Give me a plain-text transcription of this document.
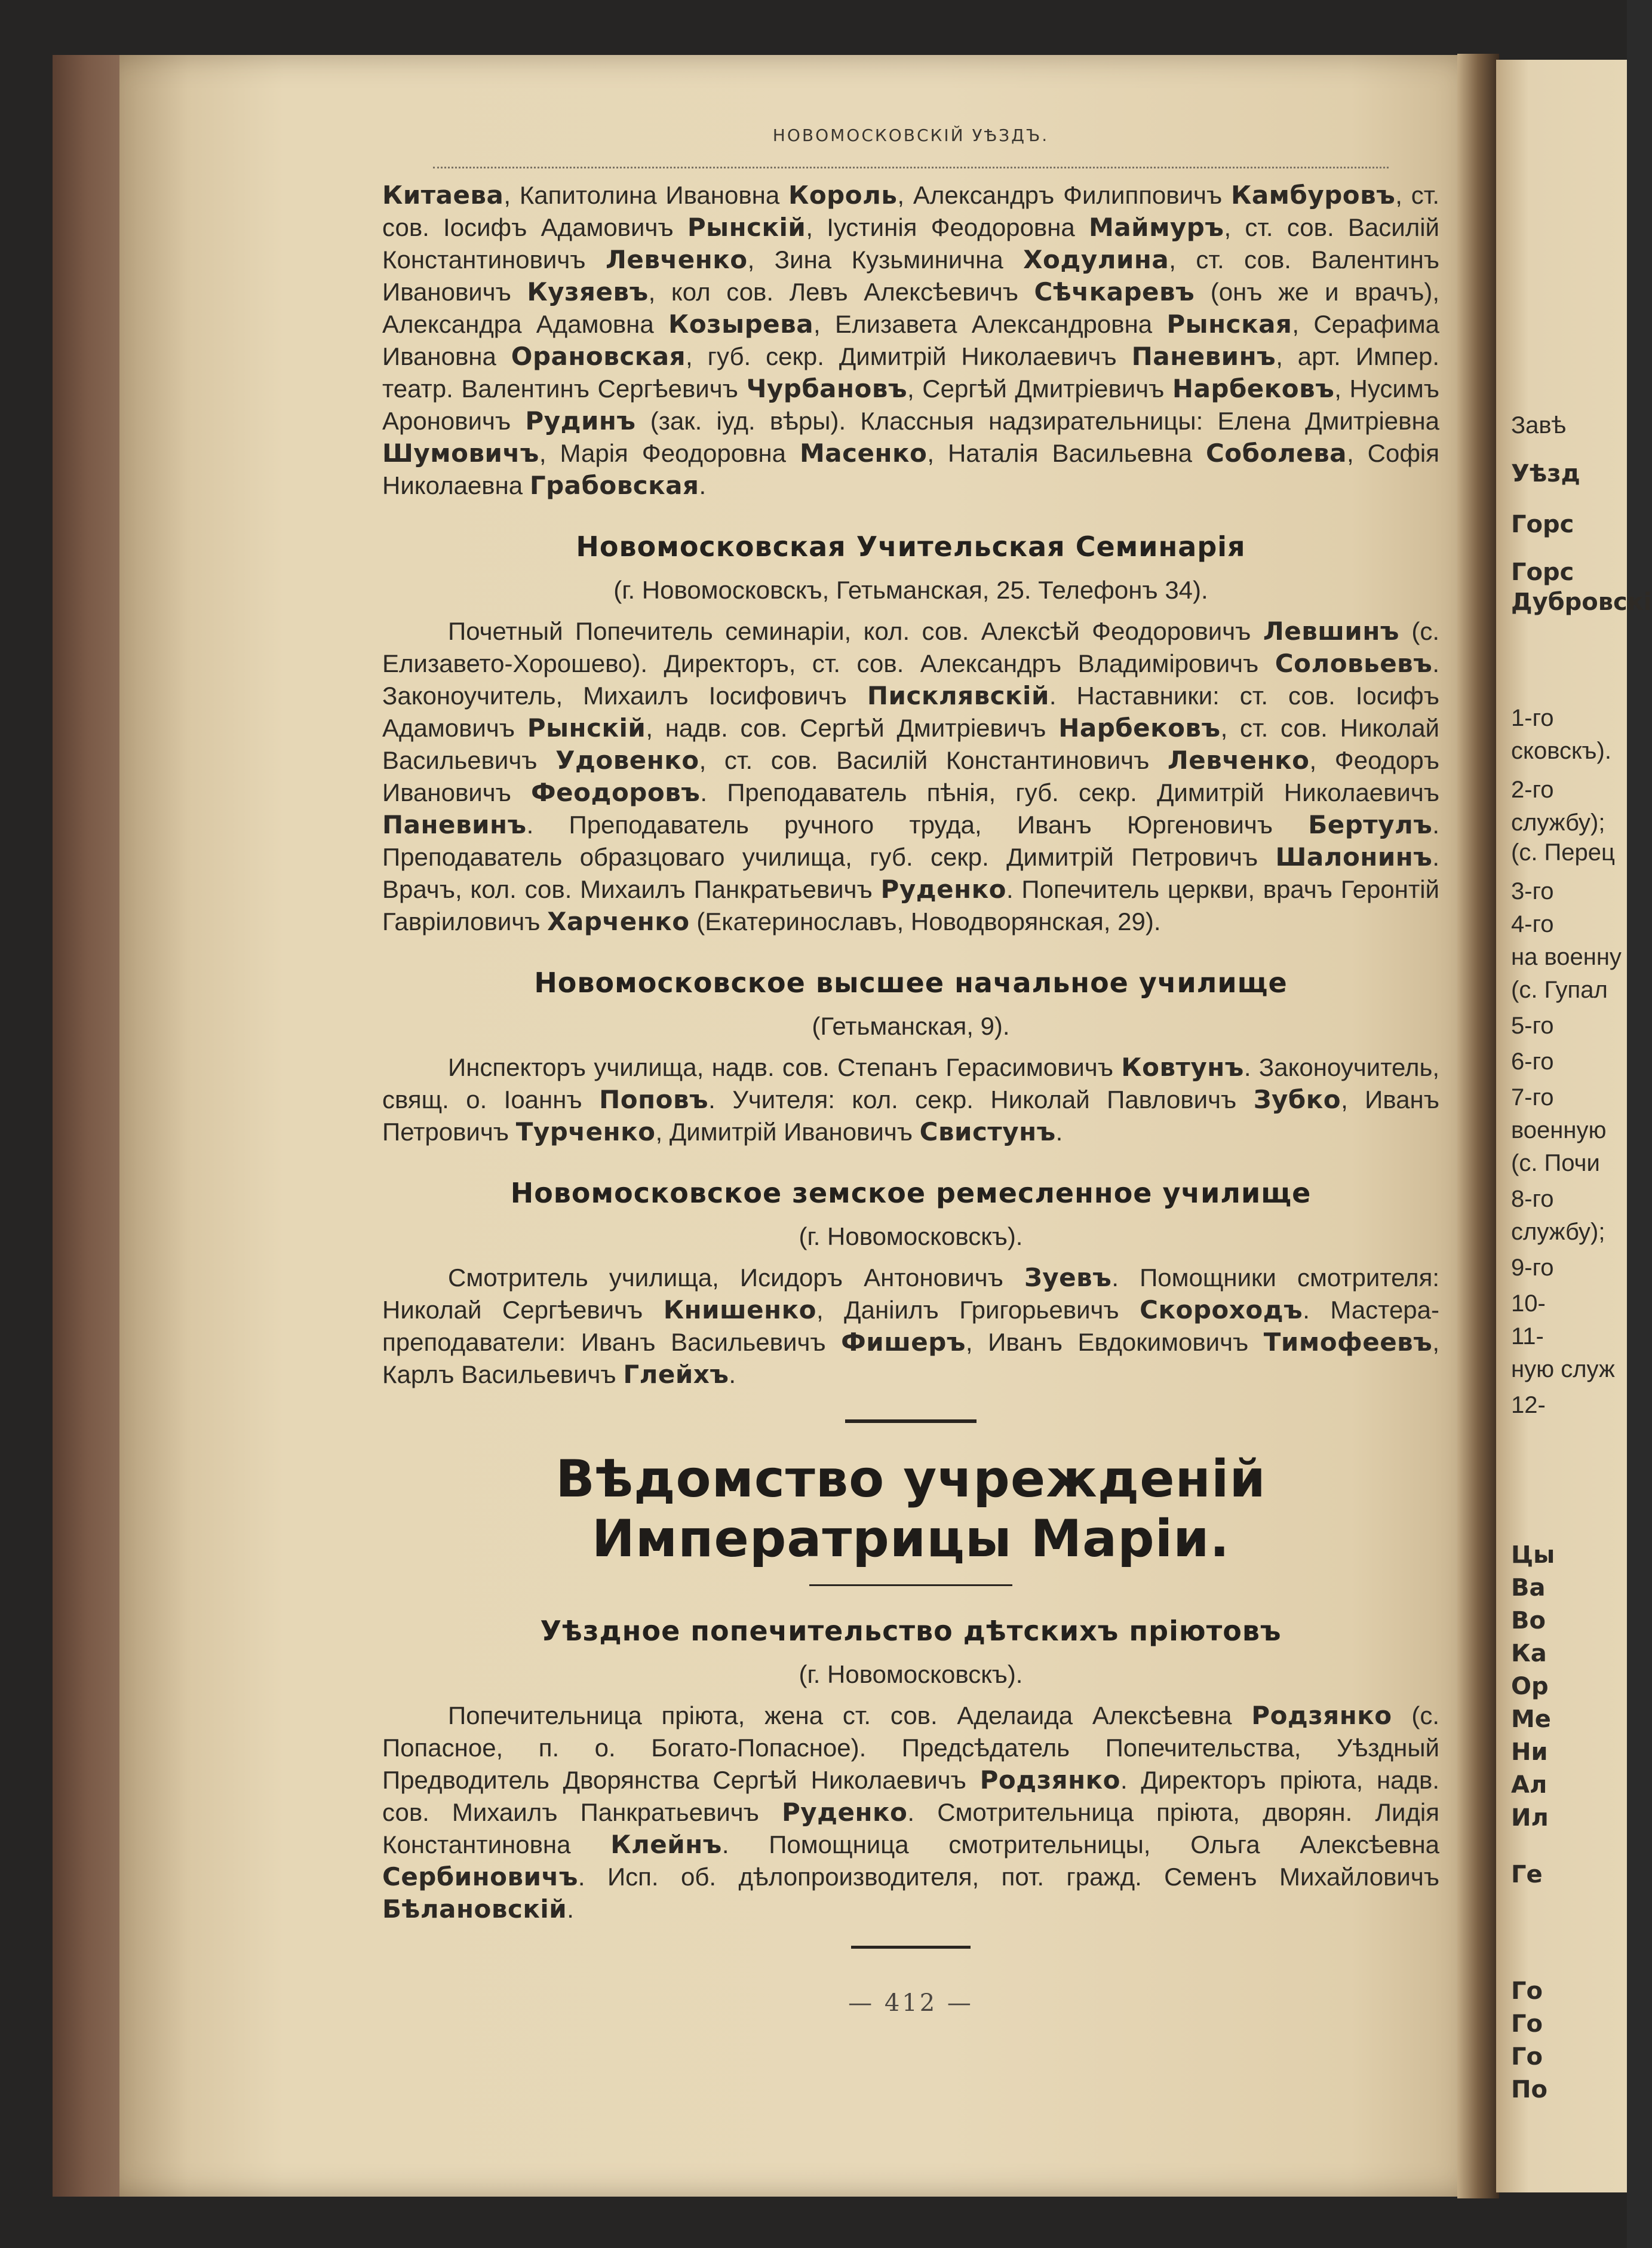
НОВОМОСКОВСКІЙ УѢЗДЪ.

Китаева, Капитолина Ивановна Король, Александръ Филипповичъ Камбуровъ, ст. сов. Іосифъ Адамовичъ Рынскій, Іустинія Феодоровна Маймуръ, ст. сов. Василій Константиновичъ Левченко, Зина Кузьминична Ходулина, ст. сов. Валентинъ Ивановичъ Кузяевъ, кол сов. Левъ Алексѣевичъ Сѣчкаревъ (онъ же и врачъ), Александра Адамовна Козырева, Елизавета Александровна Рынская, Серафима Ивановна Орановская, губ. секр. Димитрій Николаевичъ Паневинъ, арт. Импер. театр. Валентинъ Сергѣевичъ Чурбановъ, Сергѣй Дмитріевичъ Нарбековъ, Нусимъ Ароновичъ Рудинъ (зак. іуд. вѣры). Классныя надзирательницы: Елена Дмитріевна Шумовичъ, Марія Феодоровна Масенко, Наталія Васильевна Соболева, Софія Николаевна Грабовская.

Новомосковская Учительская Семинарія
(г. Новомосковскъ, Гетьманская, 25. Телефонъ 34).

Почетный Попечитель семинаріи, кол. сов. Алексѣй Феодоровичъ Левшинъ (с. Елизавето-Хорошево). Директоръ, ст. сов. Александръ Владиміровичъ Соловьевъ. Законоучитель, Михаилъ Іосифовичъ Писклявскій. Наставники: ст. сов. Іосифъ Адамовичъ Рынскій, надв. сов. Сергѣй Дмитріевичъ Нарбековъ, ст. сов. Николай Васильевичъ Удовенко, ст. сов. Василій Константиновичъ Левченко, Феодоръ Ивановичъ Феодоровъ. Преподаватель пѣнія, губ. секр. Димитрій Николаевичъ Паневинъ. Преподаватель ручного труда, Иванъ Юргеновичъ Бертулъ. Преподаватель образцоваго училища, губ. секр. Димитрій Петровичъ Шалонинъ. Врачъ, кол. сов. Михаилъ Панкратьевичъ Руденко. Попечитель церкви, врачъ Геронтій Гавріиловичъ Харченко (Екатеринославъ, Новодворянская, 29).

Новомосковское высшее начальное училище
(Гетьманская, 9).

Инспекторъ училища, надв. сов. Степанъ Герасимовичъ Ковтунъ. Законоучитель, свящ. о. Іоаннъ Поповъ. Учителя: кол. секр. Николай Павловичъ Зубко, Иванъ Петровичъ Турченко, Димитрій Ивановичъ Свистунъ.

Новомосковское земское ремесленное училище
(г. Новомосковскъ).

Смотритель училища, Исидоръ Антоновичъ Зуевъ. Помощники смотрителя: Николай Сергѣевичъ Книшенко, Даніилъ Григорьевичъ Скороходъ. Мастера-преподаватели: Иванъ Васильевичъ Фишеръ, Иванъ Евдокимовичъ Тимофеевъ, Карлъ Васильевичъ Глейхъ.

Вѣдомство учрежденій Императрицы Маріи.
Уѣздное попечительство дѣтскихъ пріютовъ
(г. Новомосковскъ).

Попечительница пріюта, жена ст. сов. Аделаида Алексѣевна Родзянко (с. Попасное, п. о. Богато-Попасное). Предсѣдатель Попечительства, Уѣздный Предводитель Дворянства Сергѣй Николаевичъ Родзянко. Директоръ пріюта, надв. сов. Михаилъ Панкратьевичъ Руденко. Смотрительница пріюта, дворян. Лидія Константиновна Клейнъ. Помощница смотрительницы, Ольга Алексѣевна Сербиновичъ. Исп. об. дѣлопроизводителя, пот. гражд. Семенъ Михайловичъ Бѣлановскій.

— 412 —
Завѣ
Уѣзд
Горс
Горс
Дубровскі
1-го
сковскъ).
2-го
службу);
(с. Перец
3-го
4-го
на военну
(с. Гупал
5-го
6-го
7-го
военную
(с. Почи
8-го
службу);
9-го
10-
11-
ную служ
12-
Цы
Ва
Во
Ка
Ор
Ме
Ни
Ал
Ил
Ге
Го
Го
Го
По
